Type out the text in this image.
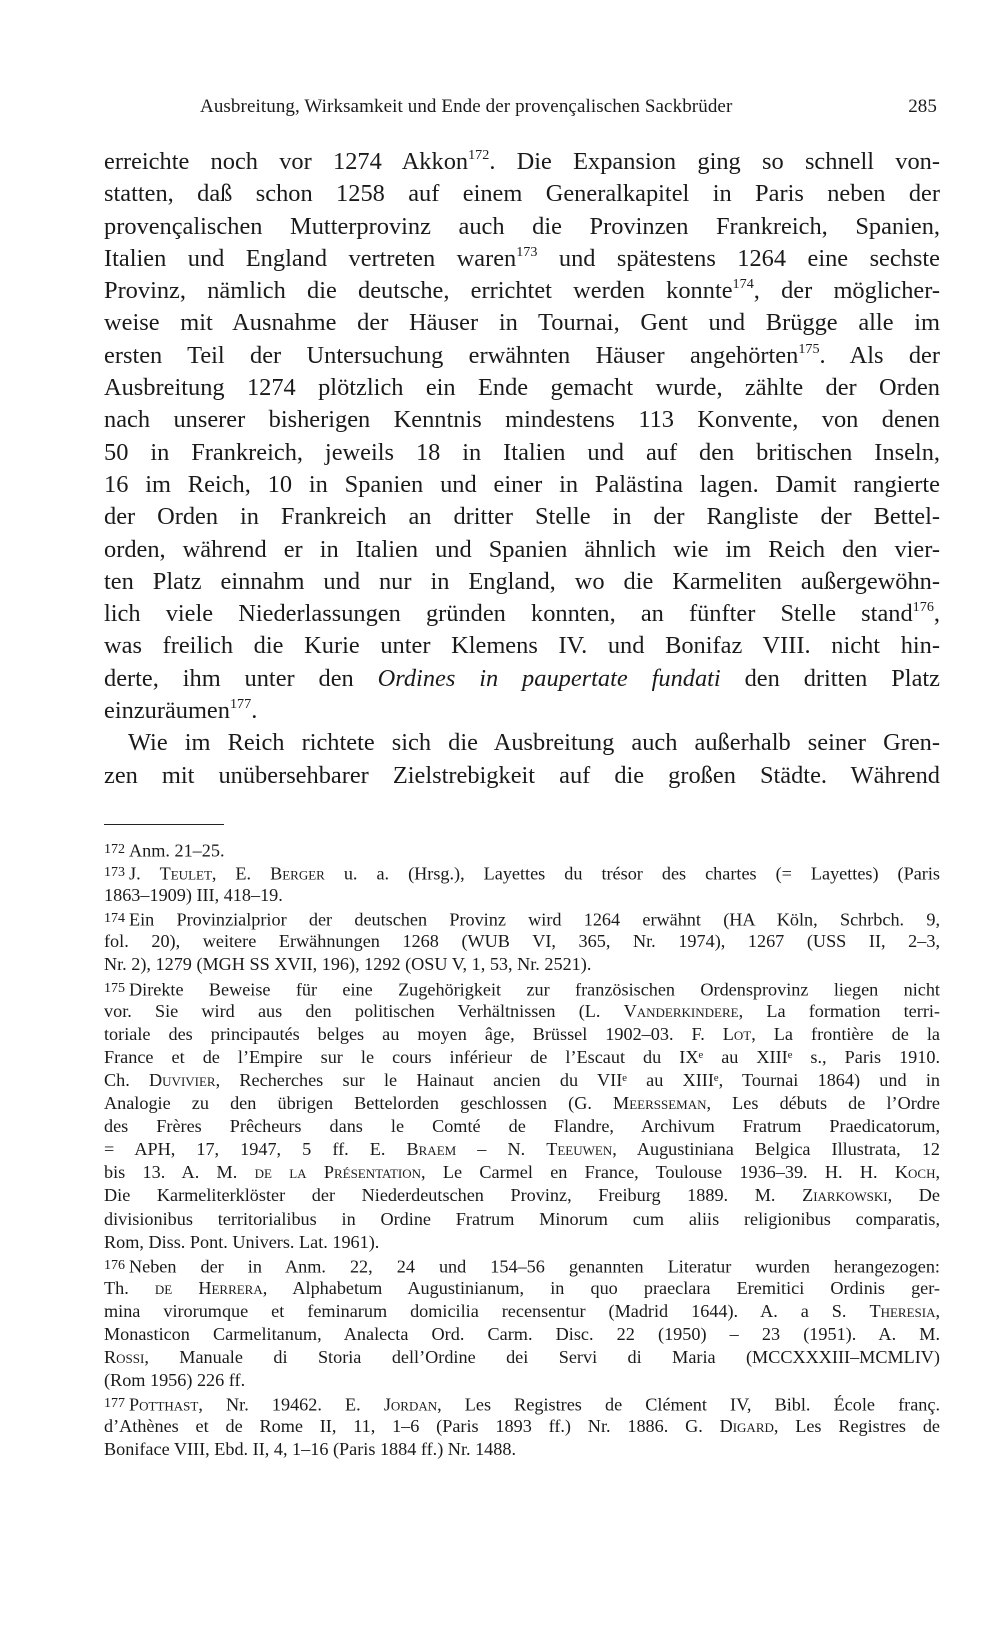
Ausbreitung, Wirksamkeit und Ende der provençalischen Sackbrüder	285
erreichte noch vor 1274 Akkon$^{172}$. Die Expansion ging so schnell von-
statten, daß schon 1258 auf einem Generalkapitel in Paris neben der
provençalischen Mutterprovinz auch die Provinzen Frankreich, Spanien,
Italien und England vertreten waren$^{173}$ und spätestens 1264 eine sechste
Provinz, nämlich die deutsche, errichtet werden konnte$^{174}$, der möglicher-
weise mit Ausnahme der Häuser in Tournai, Gent und Brügge alle im
ersten Teil der Untersuchung erwähnten Häuser angehörten$^{175}$. Als der
Ausbreitung 1274 plötzlich ein Ende gemacht wurde, zählte der Orden
nach unserer bisherigen Kenntnis mindestens 113 Konvente, von denen
50 in Frankreich, jeweils 18 in Italien und auf den britischen Inseln,
16 im Reich, 10 in Spanien und einer in Palästina lagen. Damit rangierte
der Orden in Frankreich an dritter Stelle in der Rangliste der Bettel-
orden, während er in Italien und Spanien ähnlich wie im Reich den vier-
ten Platz einnahm und nur in England, wo die Karmeliten außergewöhn-
lich viele Niederlassungen gründen konnten, an fünfter Stelle stand$^{176}$,
was freilich die Kurie unter Klemens IV. und Bonifaz VIII. nicht hin-
derte, ihm unter den Ordines in paupertate fundati den dritten Platz
einzuräumen$^{177}$.
Wie im Reich richtete sich die Ausbreitung auch außerhalb seiner Gren-
zen mit unübersehbarer Zielstrebigkeit auf die großen Städte. Während
172 Anm. 21–25.
173 J. Teulet, E. Berger u. a. (Hrsg.), Layettes du trésor des chartes (= Layettes) (Paris
1863–1909) III, 418–19.
174 Ein Provinzialprior der deutschen Provinz wird 1264 erwähnt (HA Köln, Schrbch. 9,
fol. 20), weitere Erwähnungen 1268 (WUB VI, 365, Nr. 1974), 1267 (USS II, 2–3,
Nr. 2), 1279 (MGH SS XVII, 196), 1292 (OSU V, 1, 53, Nr. 2521).
175 Direkte Beweise für eine Zugehörigkeit zur französischen Ordensprovinz liegen nicht
vor. Sie wird aus den politischen Verhältnissen (L. Vanderkindere, La formation terri-
toriale des principautés belges au moyen âge, Brüssel 1902–03. F. Lot, La frontière de la
France et de l’Empire sur le cours inférieur de l’Escaut du IXᵉ au XIIIᵉ s., Paris 1910.
Ch. Duvivier, Recherches sur le Hainaut ancien du VIIᵉ au XIIIᵉ, Tournai 1864) und in
Analogie zu den übrigen Bettelorden geschlossen (G. Meersseman, Les débuts de l’Ordre
des Frères Prêcheurs dans le Comté de Flandre, Archivum Fratrum Praedicatorum,
= APH, 17, 1947, 5 ff. E. Braem – N. Teeuwen, Augustiniana Belgica Illustrata, 12
bis 13. A. M. de la Présentation, Le Carmel en France, Toulouse 1936–39. H. H. Koch,
Die Karmeliterklöster der Niederdeutschen Provinz, Freiburg 1889. M. Ziarkowski, De
divisionibus territorialibus in Ordine Fratrum Minorum cum aliis religionibus comparatis,
Rom, Diss. Pont. Univers. Lat. 1961).
176 Neben der in Anm. 22, 24 und 154–56 genannten Literatur wurden herangezogen:
Th. de Herrera, Alphabetum Augustinianum, in quo praeclara Eremitici Ordinis ger-
mina virorumque et feminarum domicilia recensentur (Madrid 1644). A. a S. Theresia,
Monasticon Carmelitanum, Analecta Ord. Carm. Disc. 22 (1950) – 23 (1951). A. M.
Rossi, Manuale di Storia dell’Ordine dei Servi di Maria (MCCXXXIII–MCMLIV)
(Rom 1956) 226 ff.
177 Potthast, Nr. 19462. E. Jordan, Les Registres de Clément IV, Bibl. École franç.
d’Athènes et de Rome II, 11, 1–6 (Paris 1893 ff.) Nr. 1886. G. Digard, Les Registres de
Boniface VIII, Ebd. II, 4, 1–16 (Paris 1884 ff.) Nr. 1488.
